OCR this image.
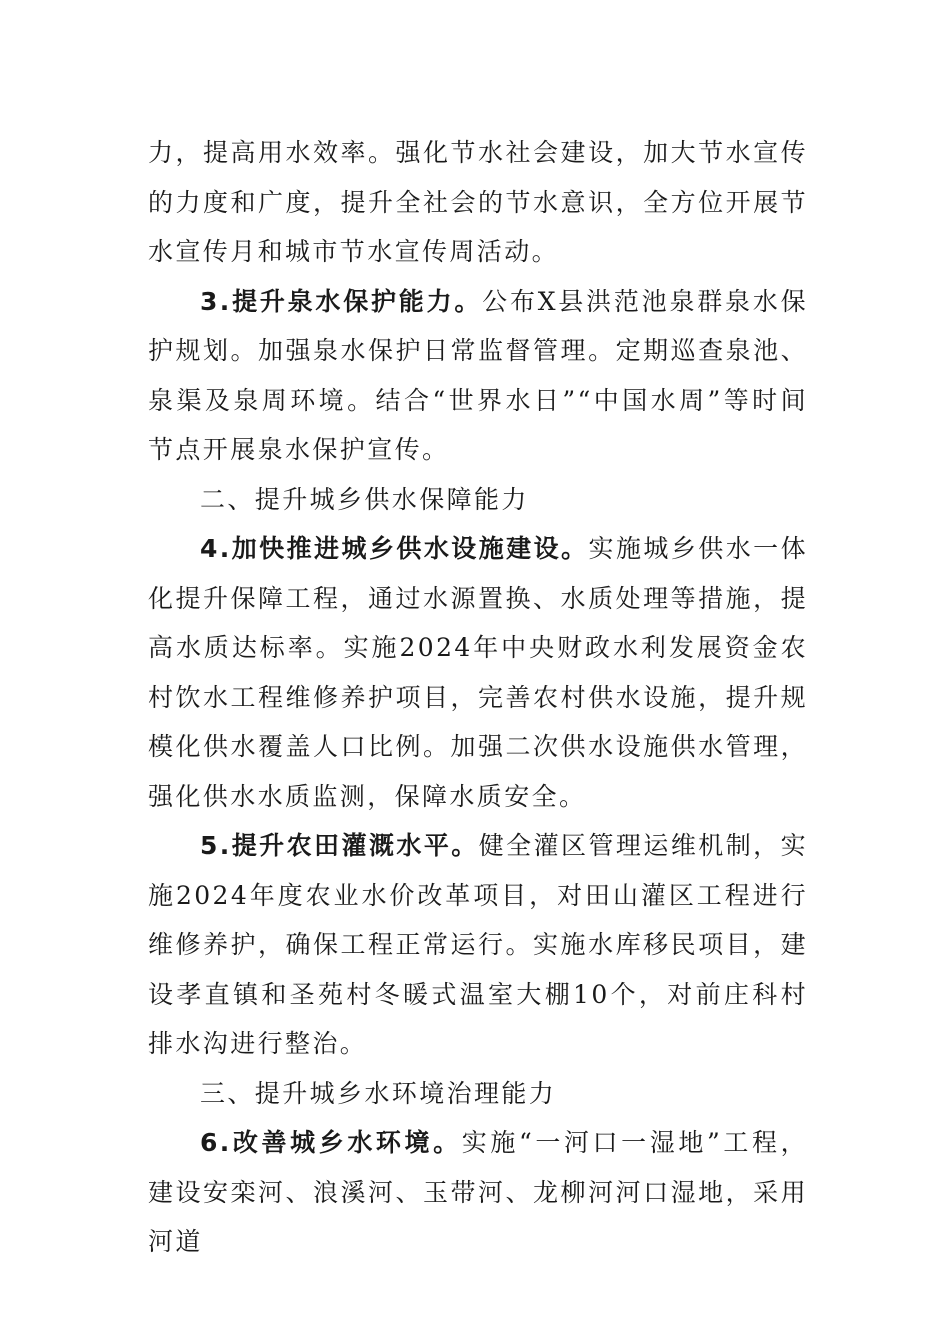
力，提高用水效率。强化节水社会建设，加大节水宣传的力度和广度，提升全社会的节水意识，全方位开展节水宣传月和城市节水宣传周活动。

3.提升泉水保护能力。公布X县洪范池泉群泉水保护规划。加强泉水保护日常监督管理。定期巡查泉池、泉渠及泉周环境。结合“世界水日”“中国水周”等时间节点开展泉水保护宣传。

二、提升城乡供水保障能力

4.加快推进城乡供水设施建设。实施城乡供水一体化提升保障工程，通过水源置换、水质处理等措施，提高水质达标率。实施2024年中央财政水利发展资金农村饮水工程维修养护项目，完善农村供水设施，提升规模化供水覆盖人口比例。加强二次供水设施供水管理，强化供水水质监测，保障水质安全。

5.提升农田灌溉水平。健全灌区管理运维机制，实施2024年度农业水价改革项目，对田山灌区工程进行维修养护，确保工程正常运行。实施水库移民项目，建设孝直镇和圣苑村冬暖式温室大棚10个，对前庄科村排水沟进行整治。

三、提升城乡水环境治理能力

6.改善城乡水环境。实施“一河口一湿地”工程，建设安栾河、浪溪河、玉带河、龙柳河河口湿地，采用河道
